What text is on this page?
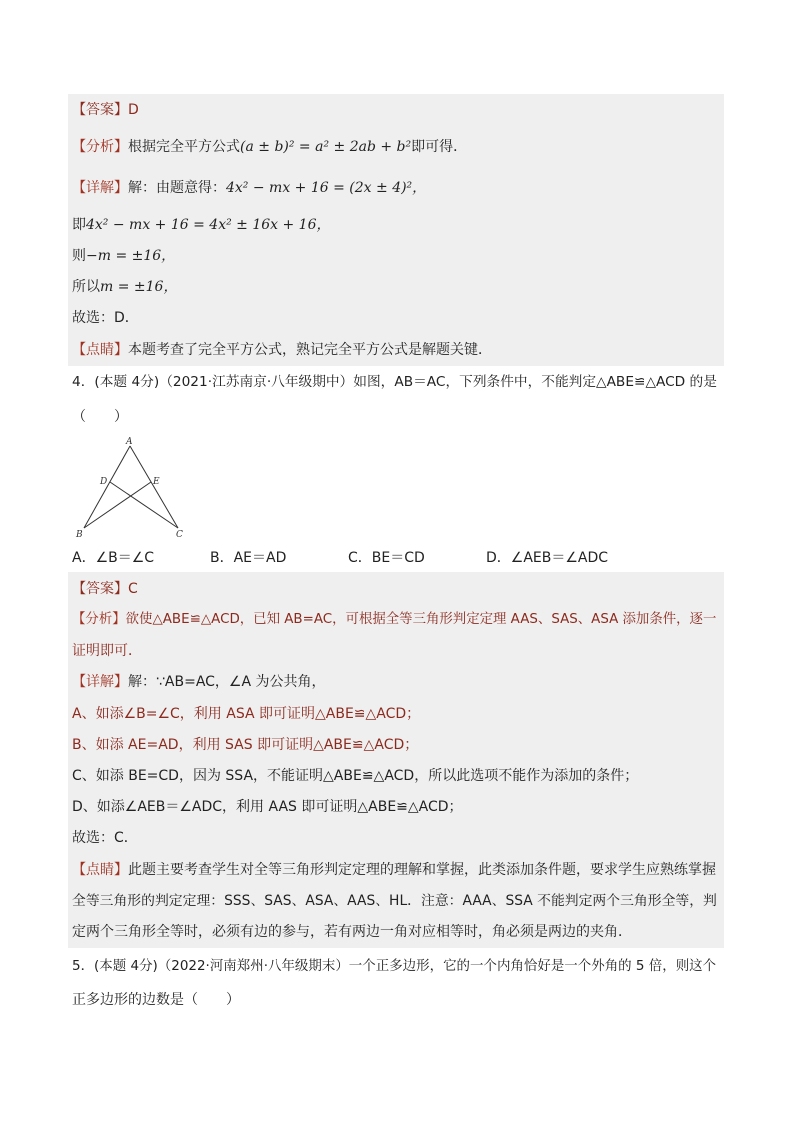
【答案】D
【分析】根据完全平方公式(a ± b)² = a² ± 2ab + b²即可得．
【详解】解：由题意得：4x² − mx + 16 = (2x ± 4)²，
即4x² − mx + 16 = 4x² ± 16x + 16，
则−m = ±16，
所以m = ±16，
故选：D．
【点睛】本题考查了完全平方公式，熟记完全平方公式是解题关键．
4．(本题 4分)（2021·江苏南京·八年级期中）如图，AB＝AC，下列条件中，不能判定△ABE≌△ACD 的是
（　　）
A
D	E
B	C
A．∠B＝∠C	B．AE＝AD	C．BE＝CD	D．∠AEB＝∠ADC
【答案】C
【分析】欲使△ABE≌△ACD，已知 AB=AC，可根据全等三角形判定定理 AAS、SAS、ASA 添加条件，逐一
证明即可．
【详解】解：∵AB=AC，∠A 为公共角，
A、如添∠B=∠C，利用 ASA 即可证明△ABE≌△ACD；
B、如添 AE=AD，利用 SAS 即可证明△ABE≌△ACD；
C、如添 BE=CD，因为 SSA，不能证明△ABE≌△ACD，所以此选项不能作为添加的条件；
D、如添∠AEB＝∠ADC，利用 AAS 即可证明△ABE≌△ACD；
故选：C．
【点睛】此题主要考查学生对全等三角形判定定理的理解和掌握，此类添加条件题，要求学生应熟练掌握
全等三角形的判定定理：SSS、SAS、ASA、AAS、HL．注意：AAA、SSA 不能判定两个三角形全等，判
定两个三角形全等时，必须有边的参与，若有两边一角对应相等时，角必须是两边的夹角．
5．(本题 4分)（2022·河南郑州·八年级期末）一个正多边形，它的一个内角恰好是一个外角的 5 倍，则这个
正多边形的边数是（　　）
